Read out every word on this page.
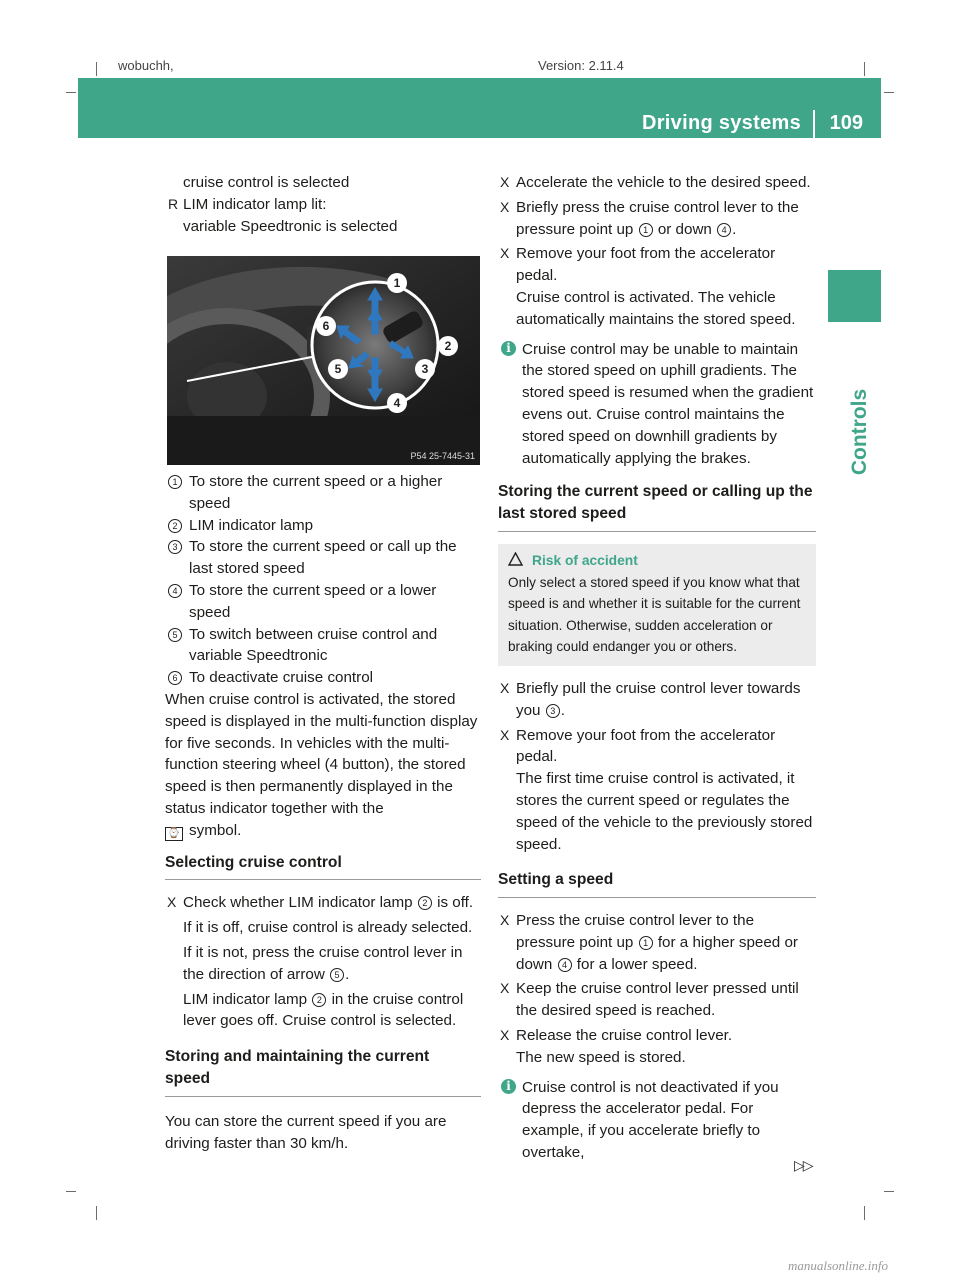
wobuchh,	Version: 2.11.4
Driving systems 109
Controls

cruise control is selected

R LIM indicator lamp lit:

variable Speedtronic is selected

1
2
3
4
5
6
P54 25-7445-31

1 To store the current speed or a higher speed

2 LIM indicator lamp

3 To store the current speed or call up the last stored speed

4 To store the current speed or a lower speed

5 To switch between cruise control and variable Speedtronic

6 To deactivate cruise control

When cruise control is activated, the stored speed is displayed in the multi-function display for five seconds. In vehicles with the multi-function steering wheel (4 button), the stored speed is then permanently displayed in the status indicator together with the
⌚ symbol.

Selecting cruise control

X Check whether LIM indicator lamp 2 is off.

If it is off, cruise control is already selected.

If it is not, press the cruise control lever in the direction of arrow 5 .

LIM indicator lamp 2 in the cruise control lever goes off. Cruise control is selected.

Storing and maintaining the current speed

You can store the current speed if you are driving faster than 30 km/h.

X Accelerate the vehicle to the desired speed.

X Briefly press the cruise control lever to the pressure point up 1 or down 4 .

X Remove your foot from the accelerator pedal.

Cruise control is activated. The vehicle automatically maintains the stored speed.

i Cruise control may be unable to maintain the stored speed on uphill gradients. The stored speed is resumed when the gradient evens out. Cruise control maintains the stored speed on downhill gradients by automatically applying the brakes.

Storing the current speed or calling up the last stored speed

Risk of accident
Only select a stored speed if you know what that speed is and whether it is suitable for the current situation. Otherwise, sudden acceleration or braking could endanger you or others.

X Briefly pull the cruise control lever towards you 3 .

X Remove your foot from the accelerator pedal.

The first time cruise control is activated, it stores the current speed or regulates the speed of the vehicle to the previously stored speed.

Setting a speed

X Press the cruise control lever to the pressure point up 1 for a higher speed or down 4 for a lower speed.

X Keep the cruise control lever pressed until the desired speed is reached.

X Release the cruise control lever.

The new speed is stored.

i Cruise control is not deactivated if you depress the accelerator pedal. For example, if you accelerate briefly to overtake,

▷▷
manualsonline.info
